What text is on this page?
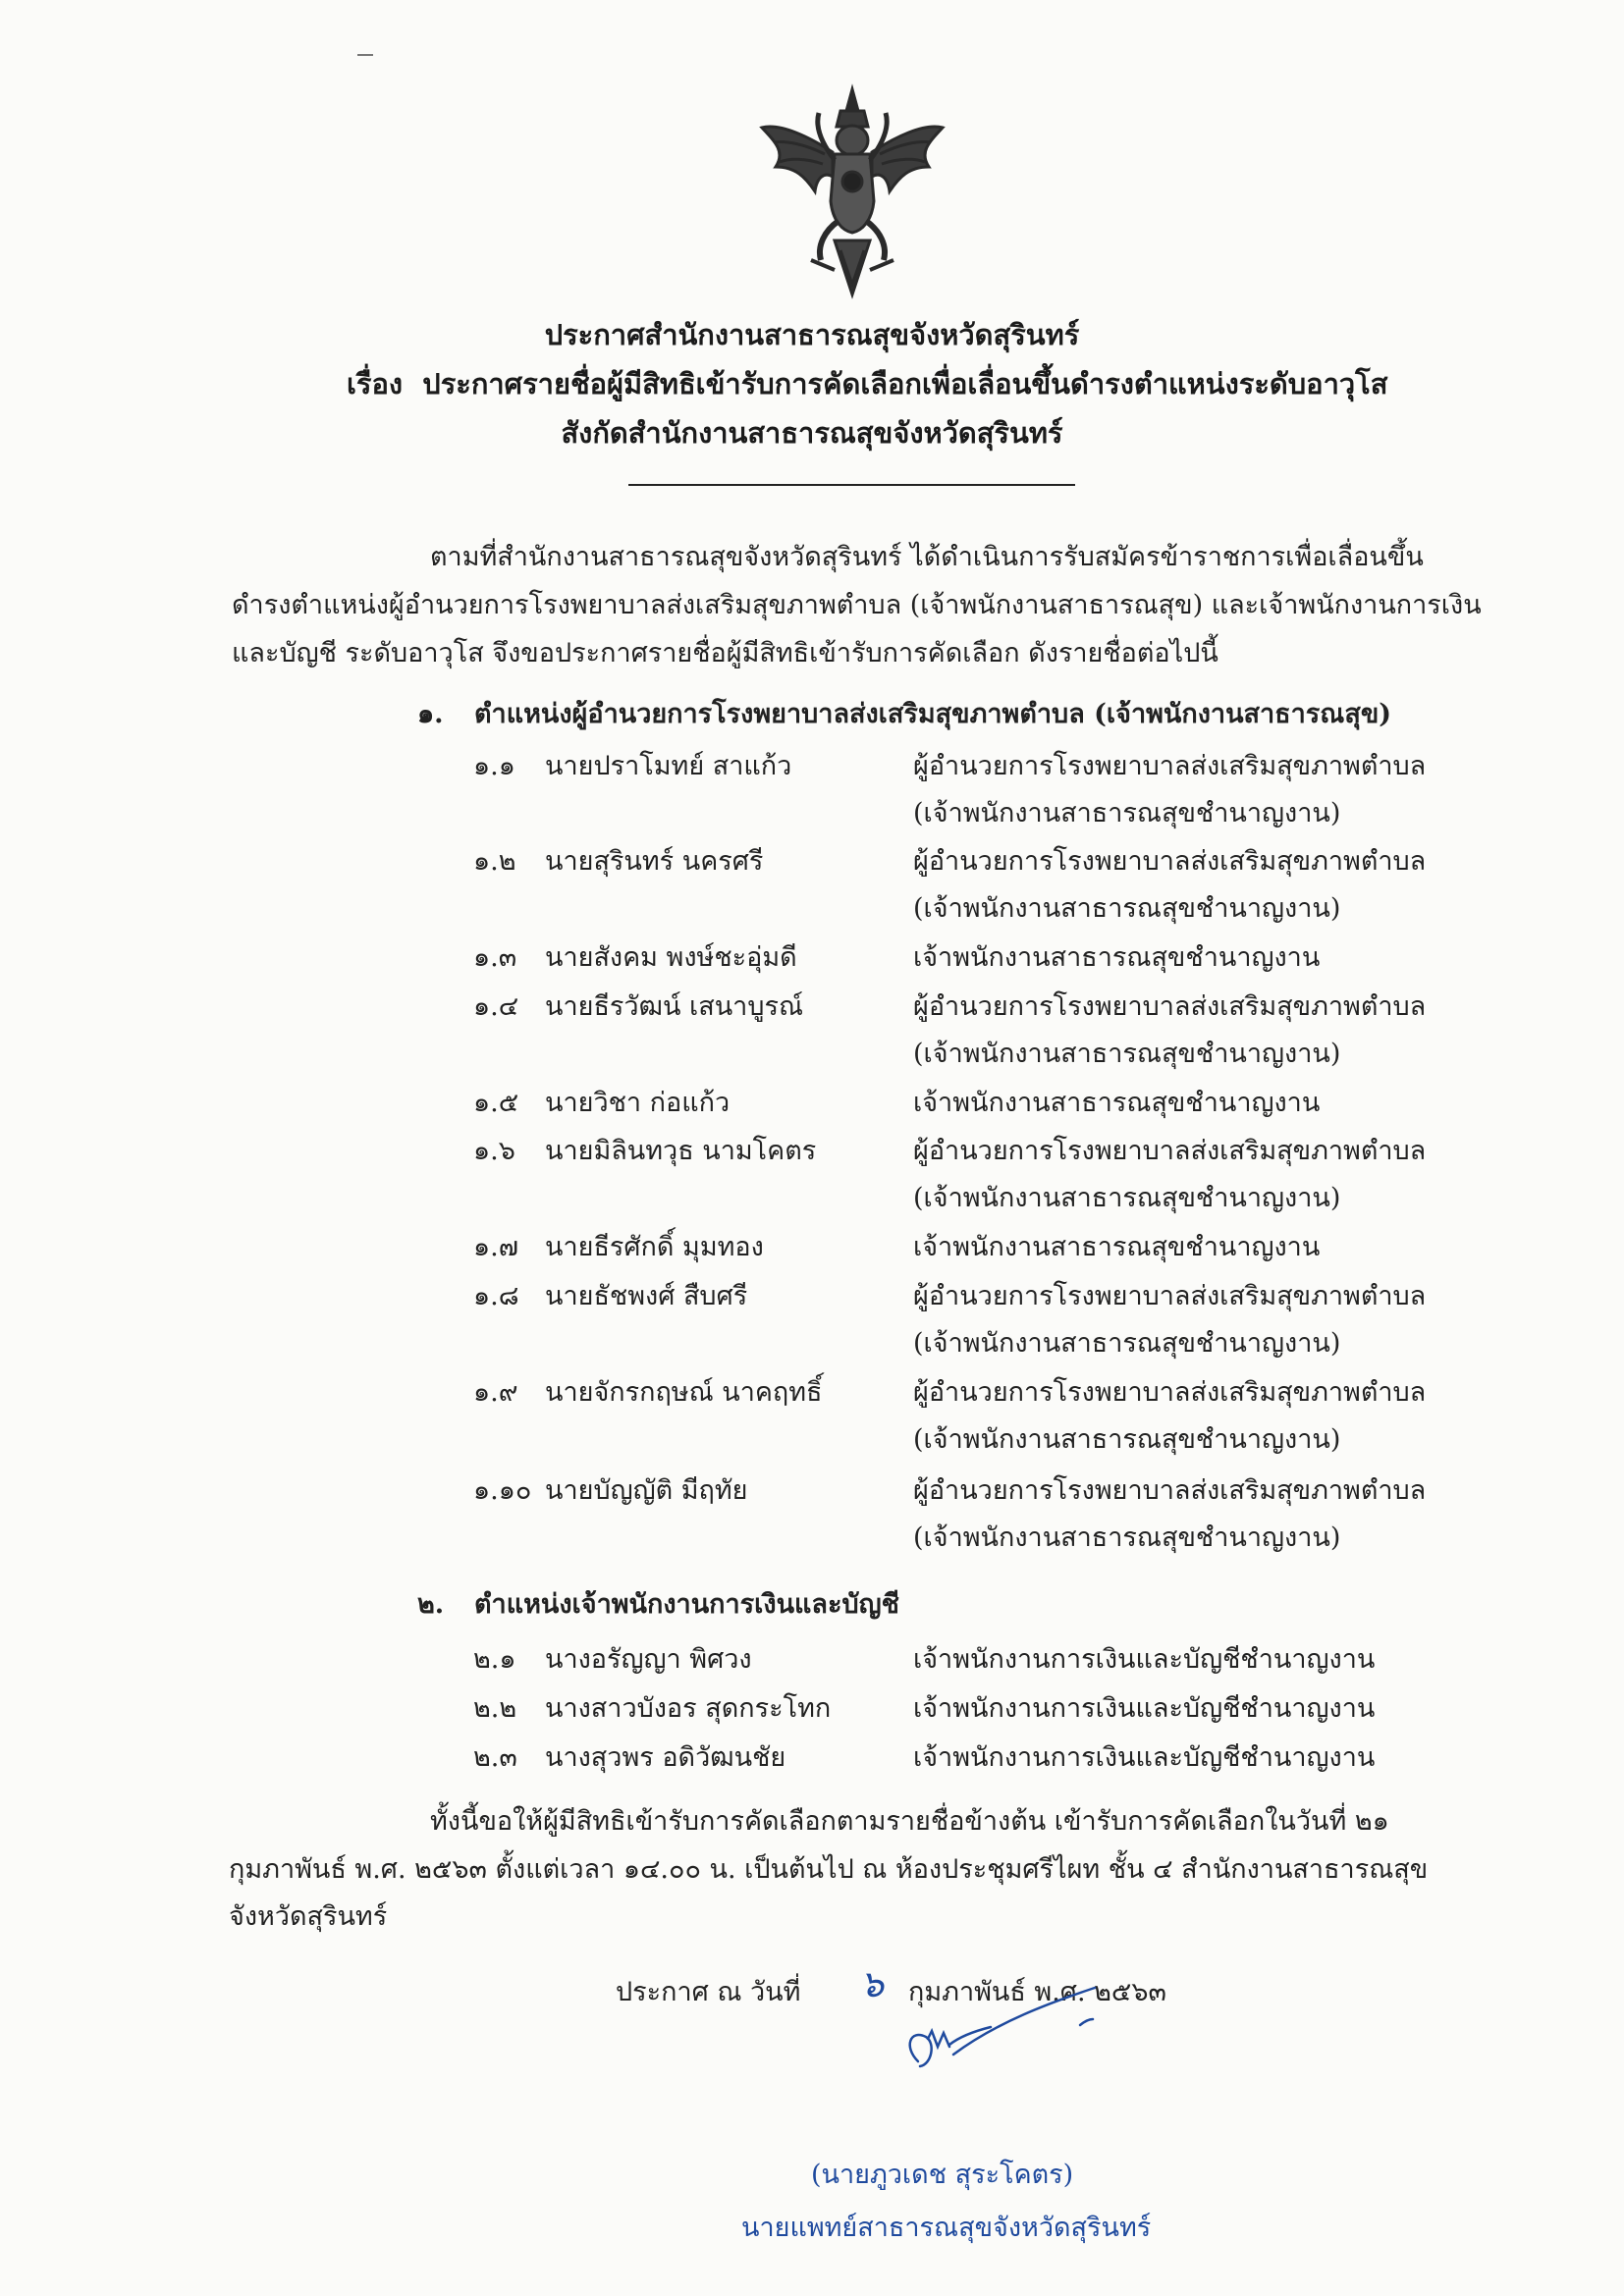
ประกาศสำนักงานสาธารณสุขจังหวัดสุรินทร์
เรื่อง ประกาศรายชื่อผู้มีสิทธิเข้ารับการคัดเลือกเพื่อเลื่อนขึ้นดำรงตำแหน่งระดับอาวุโส
สังกัดสำนักงานสาธารณสุขจังหวัดสุรินทร์
ตามที่สำนักงานสาธารณสุขจังหวัดสุรินทร์ ได้ดำเนินการรับสมัครข้าราชการเพื่อเลื่อนขึ้น
ดำรงตำแหน่งผู้อำนวยการโรงพยาบาลส่งเสริมสุขภาพตำบล (เจ้าพนักงานสาธารณสุข) และเจ้าพนักงานการเงิน
และบัญชี ระดับอาวุโส จึงขอประกาศรายชื่อผู้มีสิทธิเข้ารับการคัดเลือก ดังรายชื่อต่อไปนี้
๑. ตำแหน่งผู้อำนวยการโรงพยาบาลส่งเสริมสุขภาพตำบล (เจ้าพนักงานสาธารณสุข)
๑.๑ นายปราโมทย์ สาแก้ว	ผู้อำนวยการโรงพยาบาลส่งเสริมสุขภาพตำบล
(เจ้าพนักงานสาธารณสุขชำนาญงาน)
๑.๒ นายสุรินทร์ นครศรี	ผู้อำนวยการโรงพยาบาลส่งเสริมสุขภาพตำบล
(เจ้าพนักงานสาธารณสุขชำนาญงาน)
๑.๓ นายสังคม พงษ์ชะอุ่มดี	เจ้าพนักงานสาธารณสุขชำนาญงาน
๑.๔ นายธีรวัฒน์ เสนาบูรณ์	ผู้อำนวยการโรงพยาบาลส่งเสริมสุขภาพตำบล
(เจ้าพนักงานสาธารณสุขชำนาญงาน)
๑.๕ นายวิชา ก่อแก้ว	เจ้าพนักงานสาธารณสุขชำนาญงาน
๑.๖ นายมิลินทวุธ นามโคตร	ผู้อำนวยการโรงพยาบาลส่งเสริมสุขภาพตำบล
(เจ้าพนักงานสาธารณสุขชำนาญงาน)
๑.๗ นายธีรศักดิ์ มุมทอง	เจ้าพนักงานสาธารณสุขชำนาญงาน
๑.๘ นายธัชพงศ์ สืบศรี	ผู้อำนวยการโรงพยาบาลส่งเสริมสุขภาพตำบล
(เจ้าพนักงานสาธารณสุขชำนาญงาน)
๑.๙ นายจักรกฤษณ์ นาคฤทธิ์	ผู้อำนวยการโรงพยาบาลส่งเสริมสุขภาพตำบล
(เจ้าพนักงานสาธารณสุขชำนาญงาน)
๑.๑๐ นายบัญญัติ มีฤทัย	ผู้อำนวยการโรงพยาบาลส่งเสริมสุขภาพตำบล
(เจ้าพนักงานสาธารณสุขชำนาญงาน)
๒. ตำแหน่งเจ้าพนักงานการเงินและบัญชี
๒.๑ นางอรัญญา พิศวง	เจ้าพนักงานการเงินและบัญชีชำนาญงาน
๒.๒ นางสาวบังอร สุดกระโทก	เจ้าพนักงานการเงินและบัญชีชำนาญงาน
๒.๓ นางสุวพร อดิวัฒนชัย	เจ้าพนักงานการเงินและบัญชีชำนาญงาน
ทั้งนี้ขอให้ผู้มีสิทธิเข้ารับการคัดเลือกตามรายชื่อข้างต้น เข้ารับการคัดเลือกในวันที่ ๒๑
กุมภาพันธ์ พ.ศ. ๒๕๖๓ ตั้งแต่เวลา ๑๔.๐๐ น. เป็นต้นไป ณ ห้องประชุมศรีไผท ชั้น ๔ สำนักงานสาธารณสุข
จังหวัดสุรินทร์
ประกาศ ณ วันที่ ๖ กุมภาพันธ์ พ.ศ. ๒๕๖๓
(นายภูวเดช สุระโคตร)
นายแพทย์สาธารณสุขจังหวัดสุรินทร์
